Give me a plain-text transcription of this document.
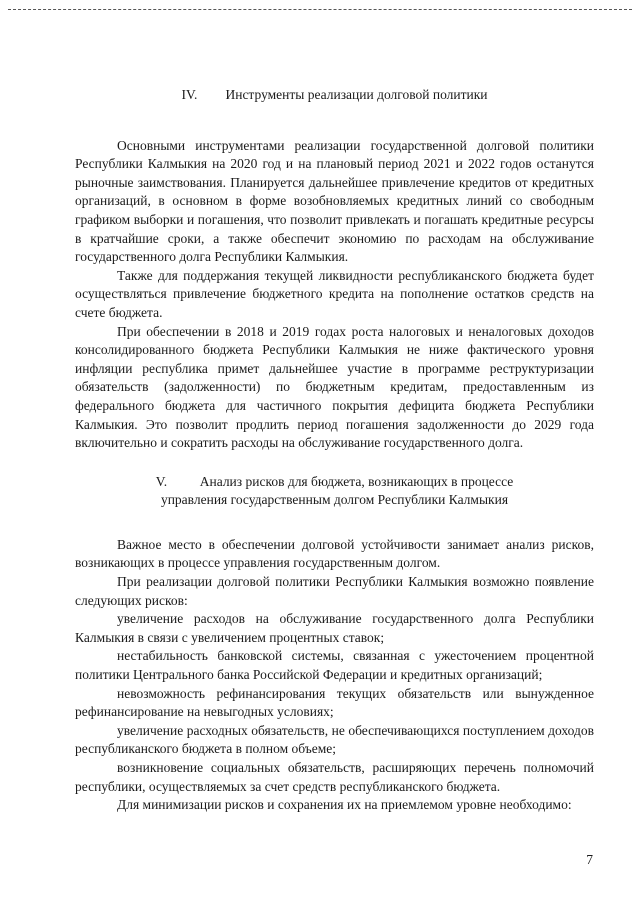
IV. Инструменты реализации долговой политики

Основными инструментами реализации государственной долговой политики Республики Калмыкия на 2020 год и на плановый период 2021 и 2022 годов останутся рыночные заимствования. Планируется дальнейшее привлечение кредитов от кредитных организаций, в основном в форме возобновляемых кредитных линий со свободным графиком выборки и погашения, что позволит привлекать и погашать кредитные ресурсы в кратчайшие сроки, а также обеспечит экономию по расходам на обслуживание государственного долга Республики Калмыкия.

Также для поддержания текущей ликвидности республиканского бюджета будет осуществляться привлечение бюджетного кредита на пополнение остатков средств на счете бюджета.

При обеспечении в 2018 и 2019 годах роста налоговых и неналоговых доходов консолидированного бюджета Республики Калмыкия не ниже фактического уровня инфляции республика примет дальнейшее участие в программе реструктуризации обязательств (задолженности) по бюджетным кредитам, предоставленным из федерального бюджета для частичного покрытия дефицита бюджета Республики Калмыкия. Это позволит продлить период погашения задолженности до 2029 года включительно и сократить расходы на обслуживание государственного долга.

V. Анализ рисков для бюджета, возникающих в процессе
управления государственным долгом Республики Калмыкия

Важное место в обеспечении долговой устойчивости занимает анализ рисков, возникающих в процессе управления государственным долгом.

При реализации долговой политики Республики Калмыкия возможно появление следующих рисков:

увеличение расходов на обслуживание государственного долга Республики Калмыкия в связи с увеличением процентных ставок;

нестабильность банковской системы, связанная с ужесточением процентной политики Центрального банка Российской Федерации и кредитных организаций;

невозможность рефинансирования текущих обязательств или вынужденное рефинансирование на невыгодных условиях;

увеличение расходных обязательств, не обеспечивающихся поступлением доходов республиканского бюджета в полном объеме;

возникновение социальных обязательств, расширяющих перечень полномочий республики, осуществляемых за счет средств республиканского бюджета.

Для минимизации рисков и сохранения их на приемлемом уровне необходимо:

7
